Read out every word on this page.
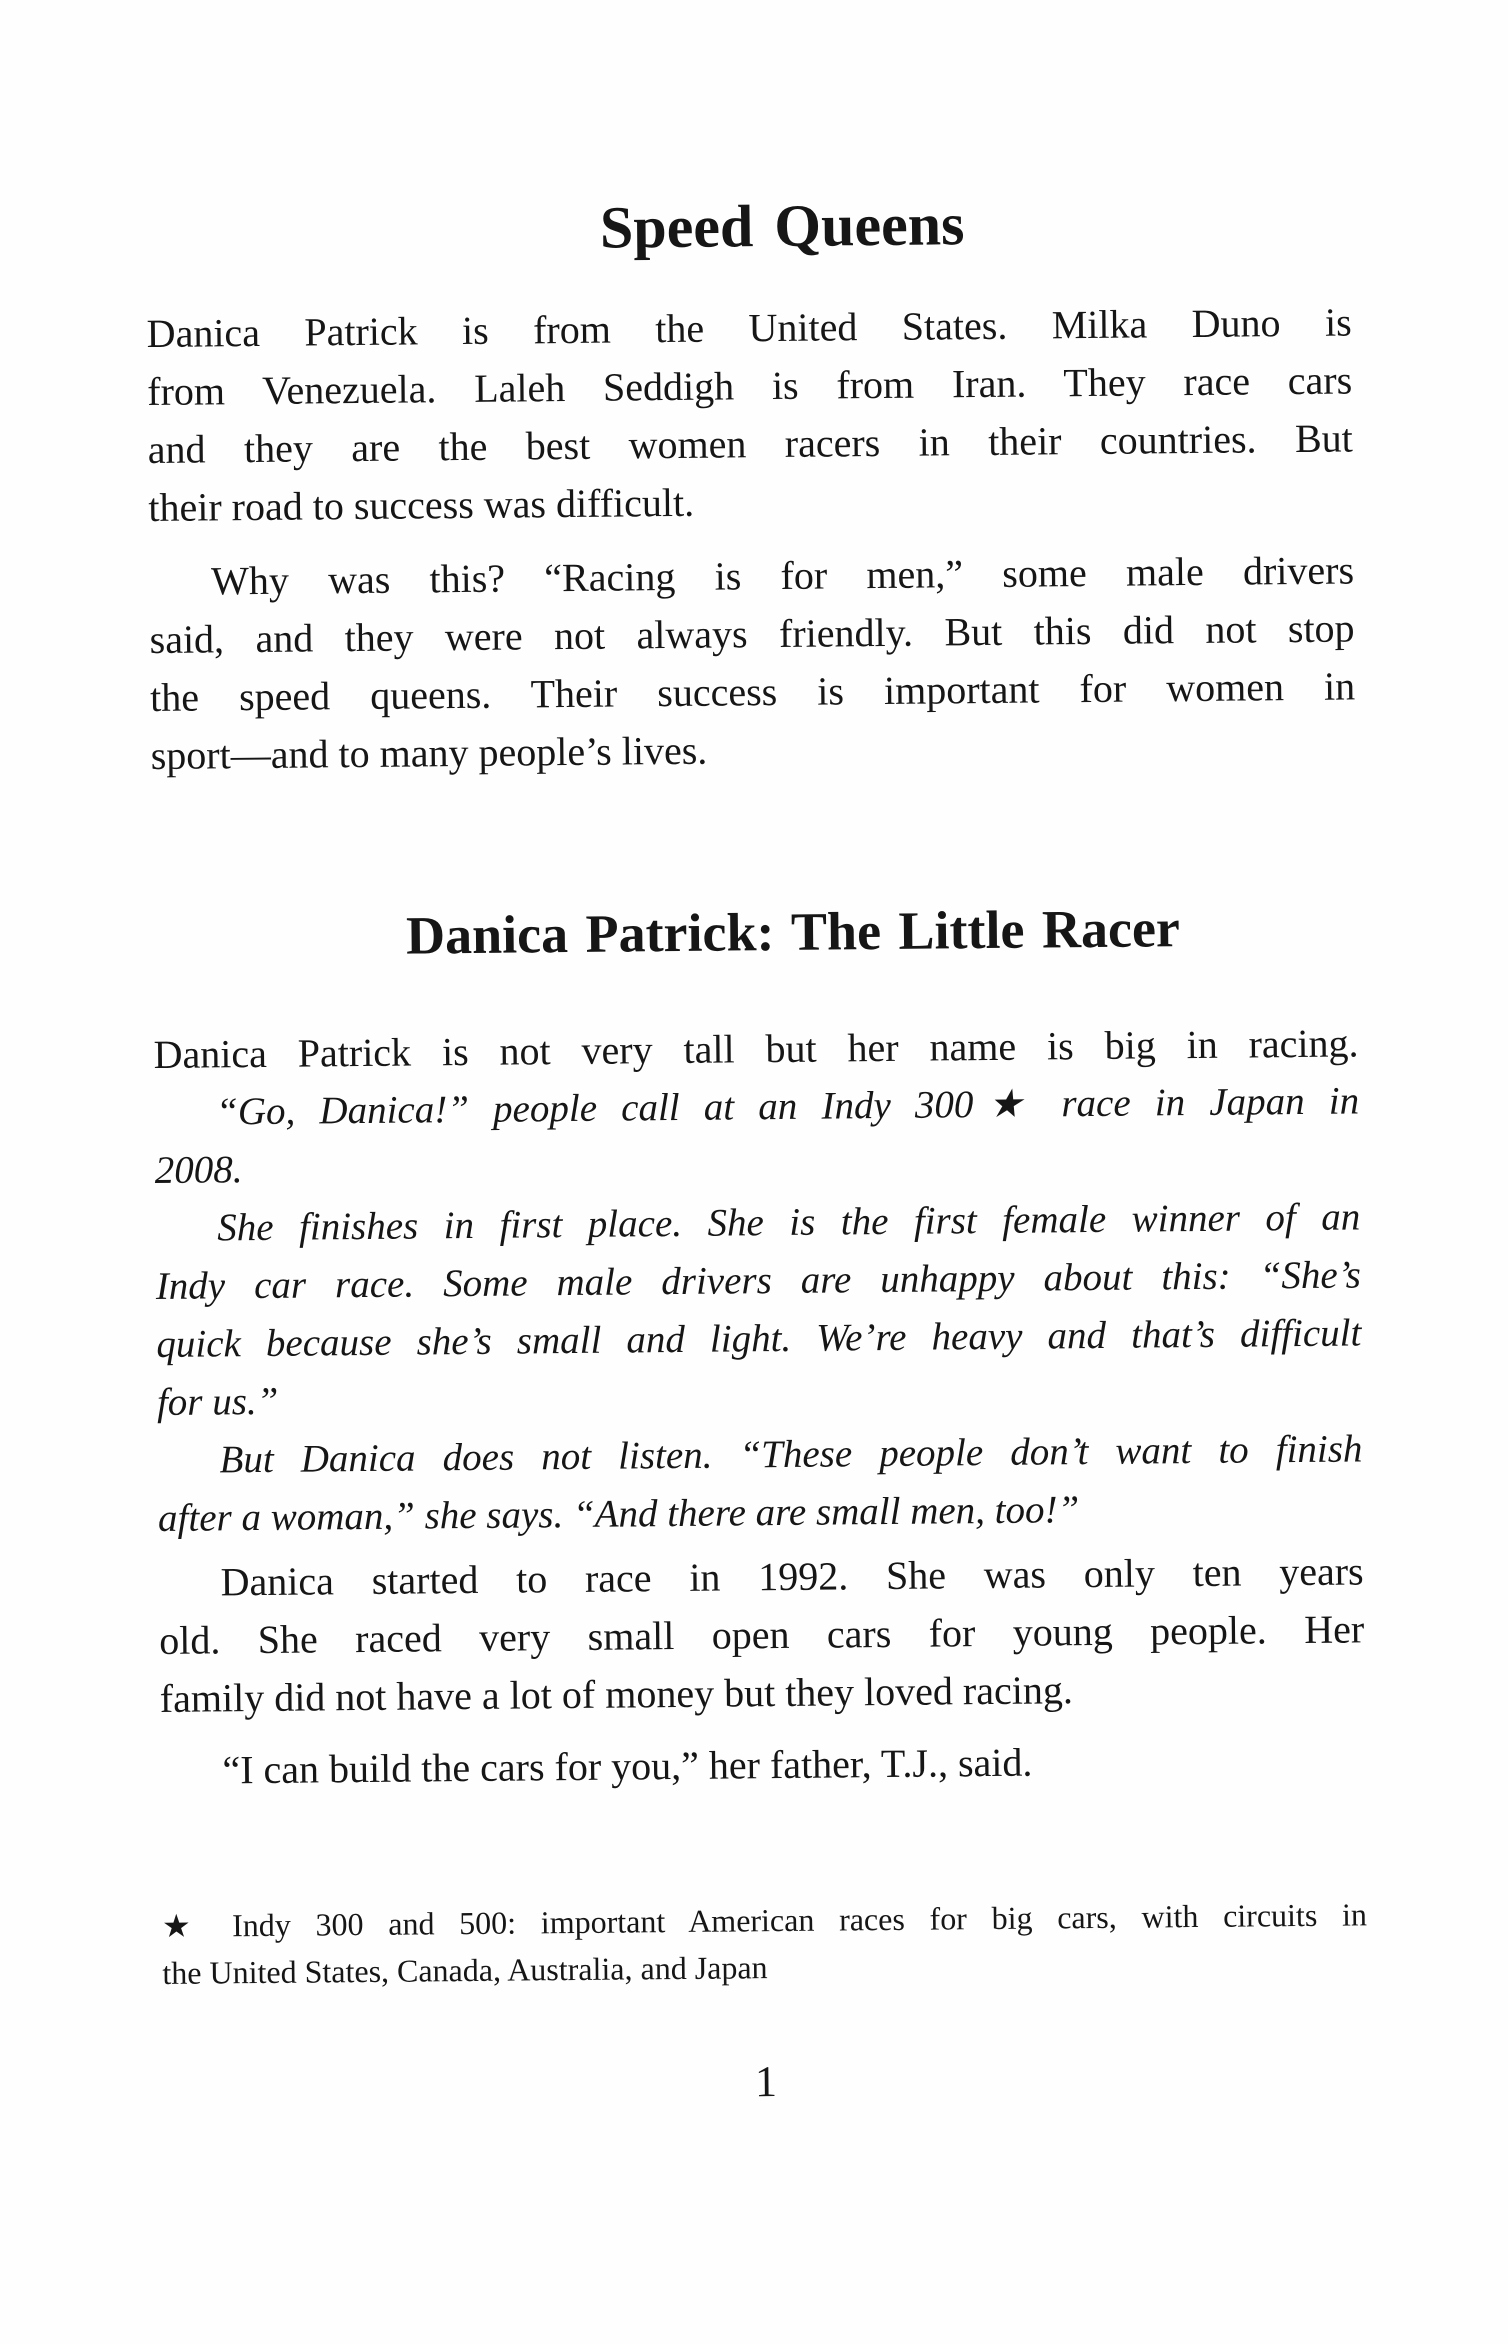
Speed Queens
Danica Patrick is from the United States. Milka Duno is
from Venezuela. Laleh Seddigh is from Iran. They race cars
and they are the best women racers in their countries. But
their road to success was difficult.
Why was this? “Racing is for men,” some male drivers
said, and they were not always friendly. But this did not stop
the speed queens. Their success is important for women in
sport—and to many people’s lives.
Danica Patrick: The Little Racer
Danica Patrick is not very tall but her name is big in racing.
“Go, Danica!” people call at an Indy 300★ race in Japan in
2008.
She finishes in first place. She is the first female winner of an
Indy car race. Some male drivers are unhappy about this: “She’s
quick because she’s small and light. We’re heavy and that’s difficult
for us.”
But Danica does not listen. “These people don’t want to finish
after a woman,” she says. “And there are small men, too!”
Danica started to race in 1992. She was only ten years
old. She raced very small open cars for young people. Her
family did not have a lot of money but they loved racing.
“I can build the cars for you,” her father, T.J., said.
★ Indy 300 and 500: important American races for big cars, with circuits in
the United States, Canada, Australia, and Japan
1
